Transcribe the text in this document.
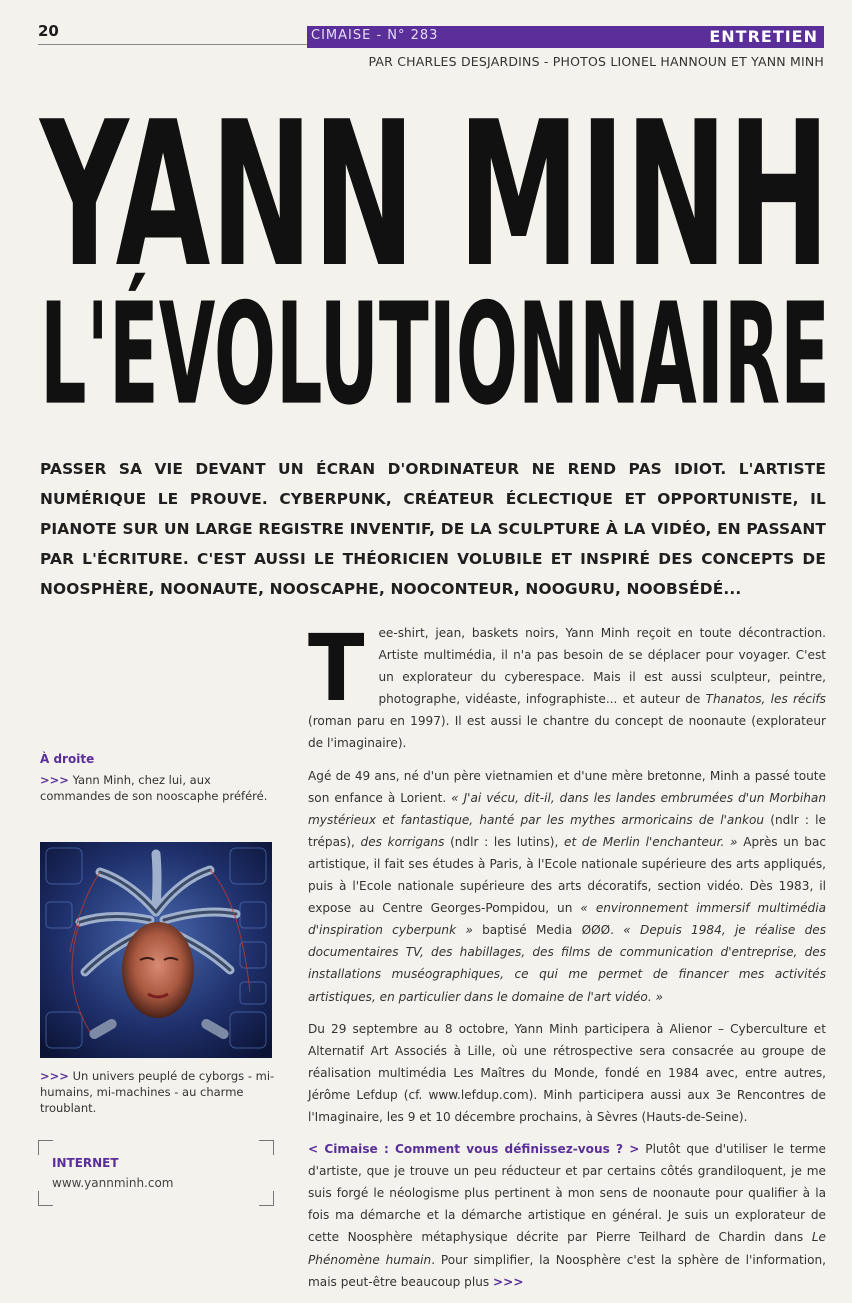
20	CIMAISE - N° 283	ENTRETIEN
PAR CHARLES DESJARDINS - PHOTOS LIONEL HANNOUN ET YANN MINH
YANN MINH
L'ÉVOLUTIONNAIRE
PASSER SA VIE DEVANT UN ÉCRAN D'ORDINATEUR NE REND PAS IDIOT. L'ARTISTE NUMÉRIQUE LE PROUVE. CYBERPUNK, CRÉATEUR ÉCLECTIQUE ET OPPORTUNISTE, IL PIANOTE SUR UN LARGE REGISTRE INVENTIF, DE LA SCULPTURE À LA VIDÉO, EN PASSANT PAR L'ÉCRITURE. C'EST AUSSI LE THÉORICIEN VOLUBILE ET INSPIRÉ DES CONCEPTS DE NOOSPHÈRE, NOONAUTE, NOOSCAPHE, NOOCONTEUR, NOOGURU, NOOBSÉDÉ...

T ee-shirt, jean, baskets noirs, Yann Minh reçoit en toute décontraction. Artiste multimédia, il n'a pas besoin de se déplacer pour voyager. C'est un explorateur du cyberespace. Mais il est aussi sculpteur, peintre, photographe, vidéaste, infographiste... et auteur de Thanatos, les récifs (roman paru en 1997). Il est aussi le chantre du concept de noonaute (explorateur de l'imaginaire).

Agé de 49 ans, né d'un père vietnamien et d'une mère bretonne, Minh a passé toute son enfance à Lorient. « J'ai vécu, dit-il, dans les landes embrumées d'un Morbihan mystérieux et fantastique, hanté par les mythes armoricains de l'ankou (ndlr : le trépas), des korrigans (ndlr : les lutins), et de Merlin l'enchanteur. » Après un bac artistique, il fait ses études à Paris, à l'Ecole nationale supérieure des arts appliqués, puis à l'Ecole nationale supérieure des arts décoratifs, section vidéo. Dès 1983, il expose au Centre Georges-Pompidou, un « environnement immersif multimédia d'inspiration cyberpunk » baptisé Media ØØØ. « Depuis 1984, je réalise des documentaires TV, des habillages, des films de communication d'entreprise, des installations muséographiques, ce qui me permet de financer mes activités artistiques, en particulier dans le domaine de l'art vidéo. »

Du 29 septembre au 8 octobre, Yann Minh participera à Alienor – Cyberculture et Alternatif Art Associés à Lille, où une rétrospective sera consacrée au groupe de réalisation multimédia Les Maîtres du Monde, fondé en 1984 avec, entre autres, Jérôme Lefdup (cf. www.lefdup.com). Minh participera aussi aux 3e Rencontres de l'Imaginaire, les 9 et 10 décembre prochains, à Sèvres (Hauts-de-Seine).

< Cimaise : Comment vous définissez-vous ? > Plutôt que d'utiliser le terme d'artiste, que je trouve un peu réducteur et par certains côtés grandiloquent, je me suis forgé le néologisme plus pertinent à mon sens de noonaute pour qualifier à la fois ma démarche et la démarche artistique en général. Je suis un explorateur de cette Noosphère métaphysique décrite par Pierre Teilhard de Chardin dans Le Phénomène humain. Pour simplifier, la Noosphère c'est la sphère de l'information, mais peut-être beaucoup plus >>>

À droite
>>> Yann Minh, chez lui, aux commandes de son nooscaphe préféré.
>>> Un univers peuplé de cyborgs - mi-humains, mi-machines - au charme troublant.
INTERNET
www.yannminh.com
